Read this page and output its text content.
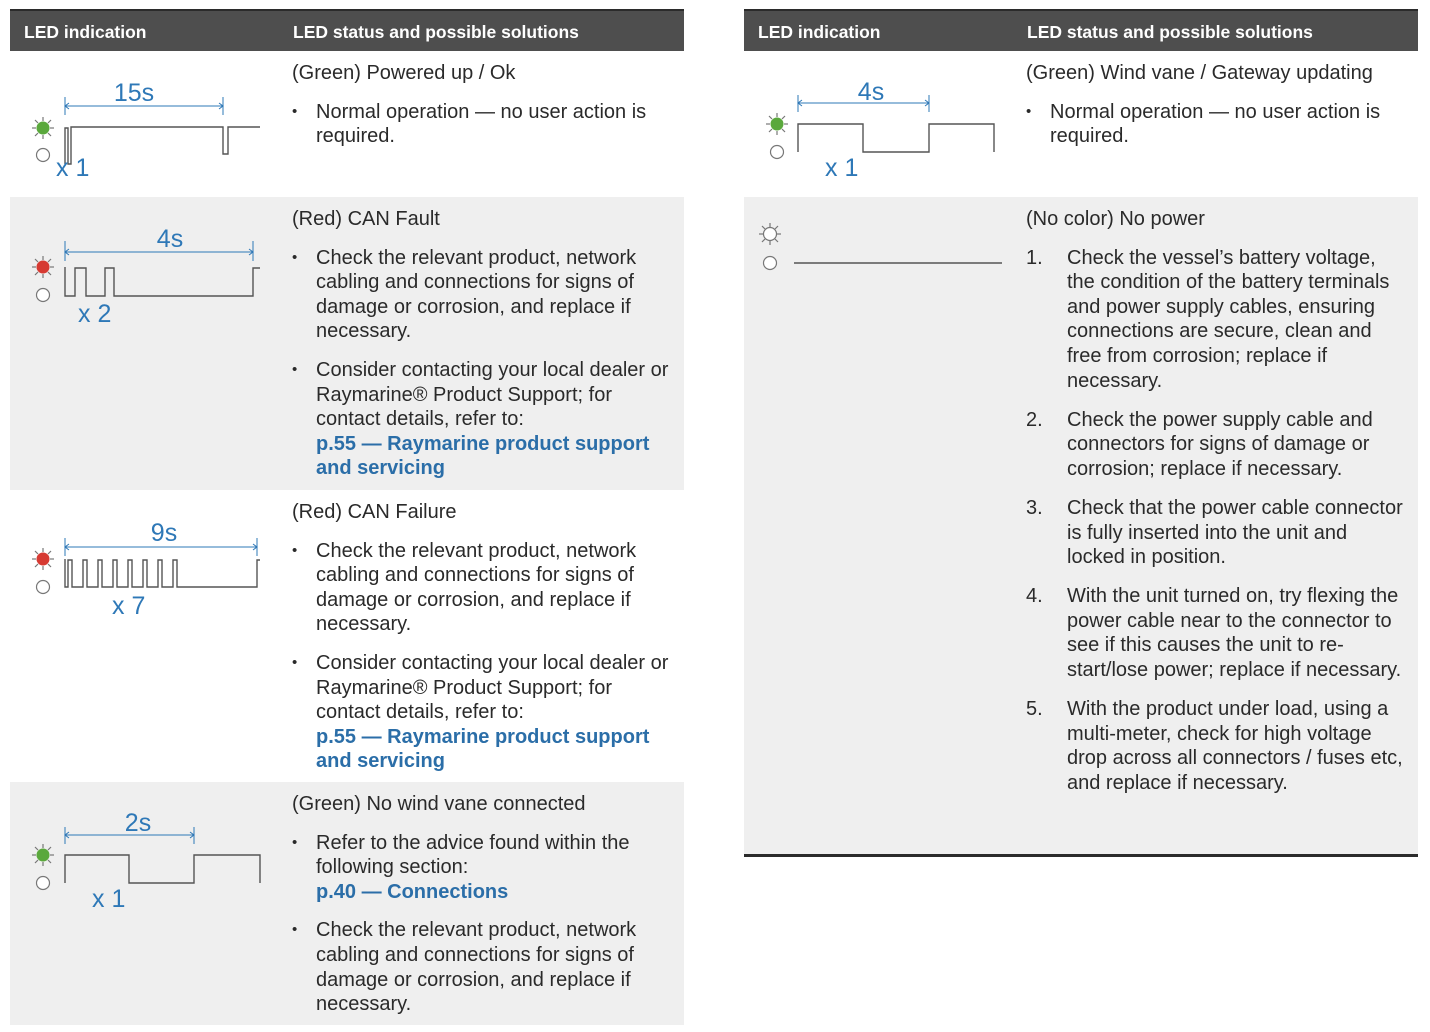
LED indication	LED status and possible solutions
15s
x 1
(Green) Powered up / Ok
• Normal operation — no user action is required.
4s
x 2
(Red) CAN Fault
• Check the relevant product, network cabling and connections for signs of damage or corrosion, and replace if necessary.
• Consider contacting your local dealer or Raymarine® Product Support; for contact details, refer to:
p.55 — Raymarine product support and servicing
9s
x 7
(Red) CAN Failure
• Check the relevant product, network cabling and connections for signs of damage or corrosion, and replace if necessary.
• Consider contacting your local dealer or Raymarine® Product Support; for contact details, refer to:
p.55 — Raymarine product support and servicing
2s
x 1
(Green) No wind vane connected
• Refer to the advice found within the following section:
p.40 — Connections
• Check the relevant product, network cabling and connections for signs of damage or corrosion, and replace if necessary.
LED indication	LED status and possible solutions
4s
x 1
(Green) Wind vane / Gateway updating
• Normal operation — no user action is required.
(No color) No power
1. Check the vessel’s battery voltage, the condition of the battery terminals and power supply cables, ensuring connections are secure, clean and free from corrosion; replace if necessary.
2. Check the power supply cable and connectors for signs of damage or corrosion; replace if necessary.
3. Check that the power cable connector is fully inserted into the unit and locked in position.
4. With the unit turned on, try flexing the power cable near to the connector to see if this causes the unit to re-start/lose power; replace if necessary.
5. With the product under load, using a multi-meter, check for high voltage drop across all connectors / fuses etc, and replace if necessary.
